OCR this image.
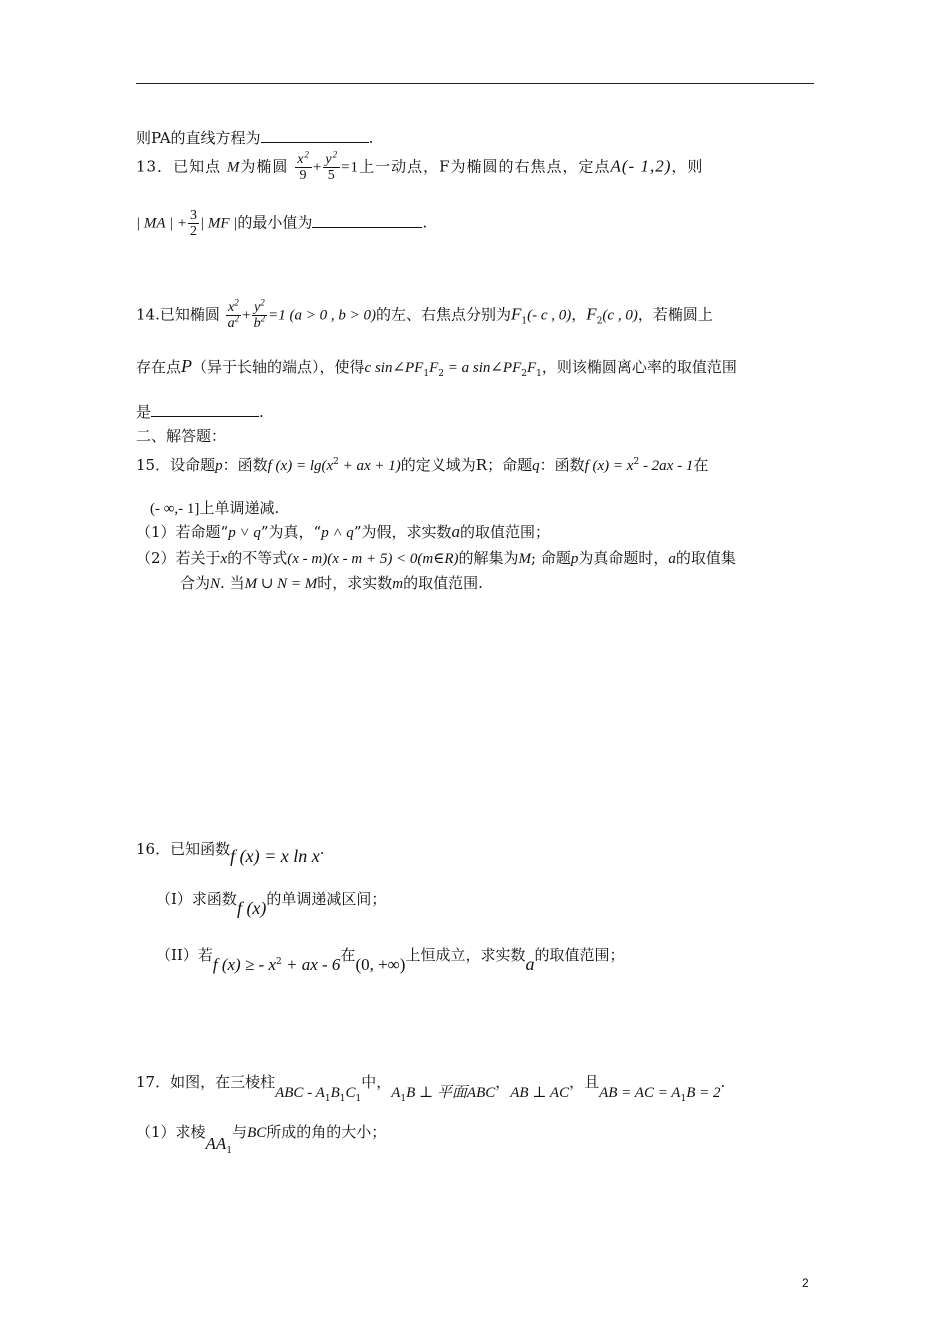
则PA的直线方程为	.
13．已知点 M为椭圆 $\frac{x^2}{9} + \frac{y^2}{5} =1$上一动点，F为椭圆的右焦点，定点A(- 1,2)，则
| MA | + $\frac{3}{2}$ | MF |的最小值为	.
14.已知椭圆 $\frac{x^2}{a^2} + \frac{y^2}{b^2} =1$ (a > 0 , b > 0)的左、右焦点分别为$F_1(-$ c , 0)，$F_2(c$ , 0)，若椭圆上
存在点P（异于长轴的端点），使得c $\sin\angle PF_1F_2 = a$ $\sin\angle PF_2F_1$，则该椭圆离心率的取值范围
是	.
二、解答题：
15．设命题p：函数f $(x) = \lg(x^2$ + ax + 1)的定义域为R；命题q：函数f $(x) = x^2 - 2ax - 1$在
(- ∞,- 1]上单调递减.
（1）若命题“p ˅ q”为真，“p ˄ q”为假，求实数a的取值范围；
（2）若关于x的不等式(x - m)(x - m + 5) < 0(m∈R)的解集为M; 命题p为真命题时，a的取值集
合为N. 当M ∪ N = M时，求实数m的取值范围.
16．已知函数f (x) = x ln x.
（I）求函数f (x)的单调递减区间；
（II）若f (x) ≥ - $x^2$ + ax - 6在(0, +∞)上恒成立，求实数a的取值范围；
17．如图，在三棱柱ABC - $A_1B_1C_1$中，$A_1B$ ⊥ 平面ABC，AB ⊥ AC，且AB = AC = $A_1B = 2$.
（1）求棱$AA_1$与BC所成的角的大小；
2
